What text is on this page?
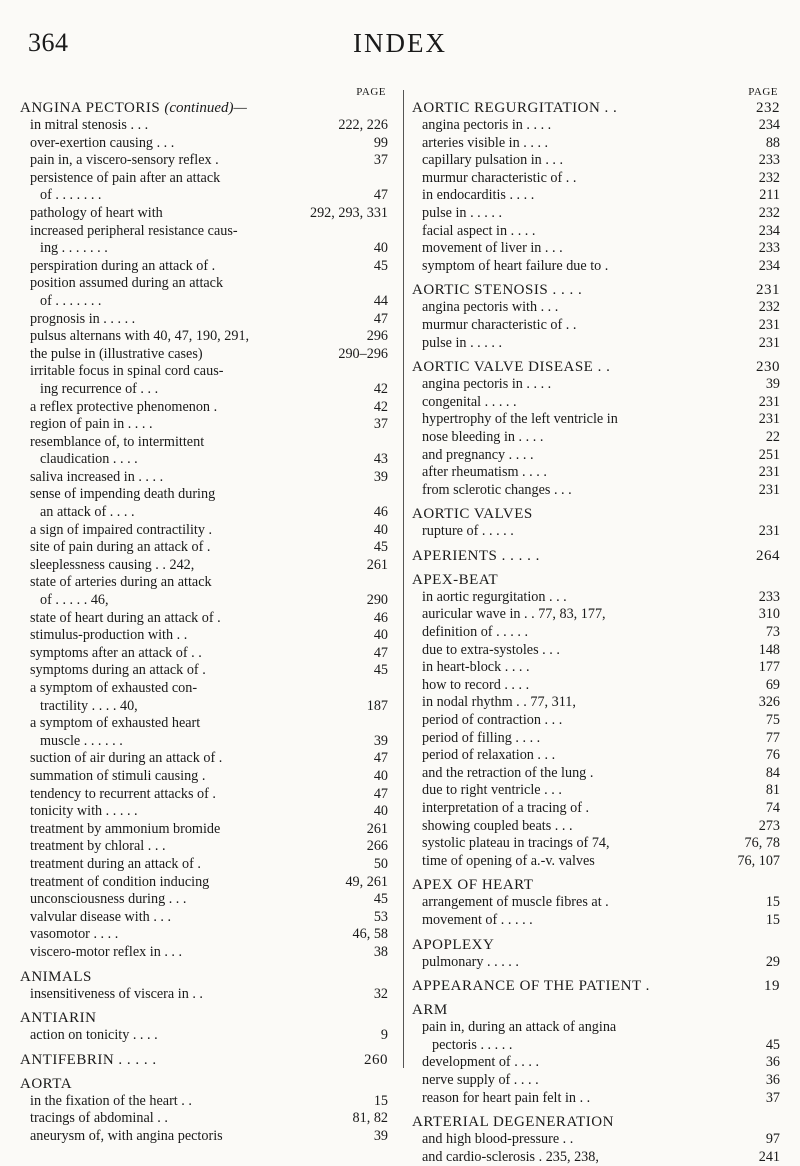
364	INDEX
PAGE
ANGINA PECTORIS (continued)—
in mitral stenosis . . .	222, 226
over-exertion causing . . .	99
pain in, a viscero-sensory reflex .	37
persistence of pain after an attack
of . . . . . . .	47
pathology of heart with	292, 293, 331
increased peripheral resistance caus-
ing . . . . . . .	40
perspiration during an attack of .	45
position assumed during an attack
of . . . . . . .	44
prognosis in . . . . .	47
pulsus alternans with 40, 47, 190, 291,	296
the pulse in (illustrative cases)	290–296
irritable focus in spinal cord caus-
ing recurrence of . . .	42
a reflex protective phenomenon .	42
region of pain in . . . .	37
resemblance of, to intermittent
claudication . . . .	43
saliva increased in . . . .	39
sense of impending death during
an attack of . . . .	46
a sign of impaired contractility .	40
site of pain during an attack of .	45
sleeplessness causing . . 242,	261
state of arteries during an attack
of . . . . . 46,	290
state of heart during an attack of .	46
stimulus-production with . .	40
symptoms after an attack of . .	47
symptoms during an attack of .	45
a symptom of exhausted con-
tractility . . . . 40,	187
a symptom of exhausted heart
muscle . . . . . .	39
suction of air during an attack of .	47
summation of stimuli causing .	40
tendency to recurrent attacks of .	47
tonicity with . . . . .	40
treatment by ammonium bromide	261
treatment by chloral . . .	266
treatment during an attack of .	50
treatment of condition inducing	49, 261
unconsciousness during . . .	45
valvular disease with . . .	53
vasomotor . . . .	46, 58
viscero-motor reflex in . . .	38
ANIMALS
insensitiveness of viscera in . .	32
ANTIARIN
action on tonicity . . . .	9
ANTIFEBRIN . . . . .	260
AORTA
in the fixation of the heart . .	15
tracings of abdominal . .	81, 82
aneurysm of, with angina pectoris	39
PAGE
AORTIC REGURGITATION . .	232
angina pectoris in . . . .	234
arteries visible in . . . .	88
capillary pulsation in . . .	233
murmur characteristic of . .	232
in endocarditis . . . .	211
pulse in . . . . .	232
facial aspect in . . . .	234
movement of liver in . . .	233
symptom of heart failure due to .	234
AORTIC STENOSIS . . . .	231
angina pectoris with . . .	232
murmur characteristic of . .	231
pulse in . . . . .	231
AORTIC VALVE DISEASE . .	230
angina pectoris in . . . .	39
congenital . . . . .	231
hypertrophy of the left ventricle in	231
nose bleeding in . . . .	22
and pregnancy . . . .	251
after rheumatism . . . .	231
from sclerotic changes . . .	231
AORTIC VALVES
rupture of . . . . .	231
APERIENTS . . . . .	264
APEX-BEAT
in aortic regurgitation . . .	233
auricular wave in . . 77, 83, 177,	310
definition of . . . . .	73
due to extra-systoles . . .	148
in heart-block . . . .	177
how to record . . . .	69
in nodal rhythm . . 77, 311,	326
period of contraction . . .	75
period of filling . . . .	77
period of relaxation . . .	76
and the retraction of the lung .	84
due to right ventricle . . .	81
interpretation of a tracing of .	74
showing coupled beats . . .	273
systolic plateau in tracings of 74,	76, 78
time of opening of a.-v. valves	76, 107
APEX OF HEART
arrangement of muscle fibres at .	15
movement of . . . . .	15
APOPLEXY
pulmonary . . . . .	29
APPEARANCE OF THE PATIENT .	19
ARM
pain in, during an attack of angina
pectoris . . . . .	45
development of . . . .	36
nerve supply of . . . .	36
reason for heart pain felt in . .	37
ARTERIAL DEGENERATION
and high blood-pressure . .	97
and cardio-sclerosis . 235, 238,	241
